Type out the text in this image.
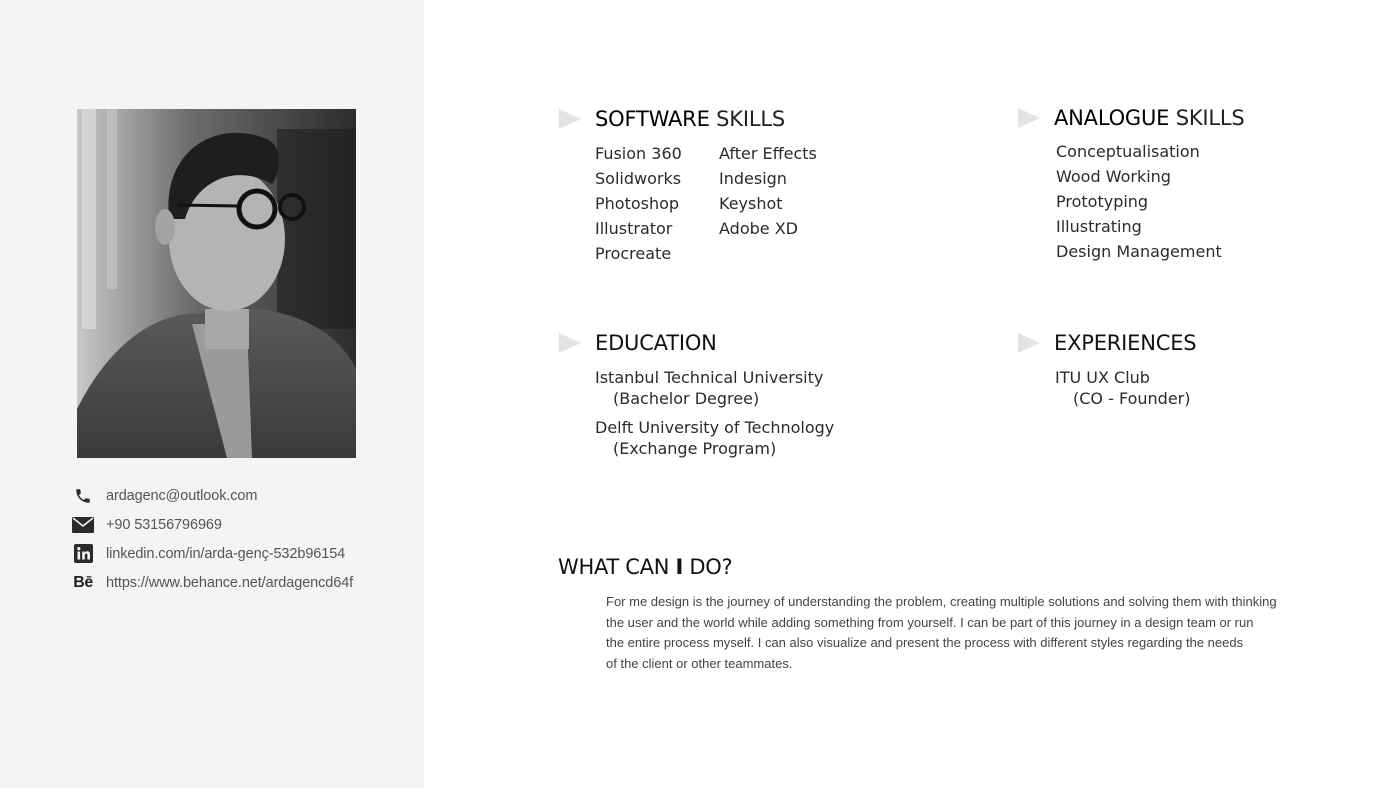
ardagenc@outlook.com
+90 53156796969
linkedin.com/in/arda-genç-532b96154
Bē https://www.behance.net/ardagencd64f
SOFTWARE SKILLS
Fusion 360
Solidworks
Photoshop
Illustrator
Procreate
After Effects
Indesign
Keyshot
Adobe XD
ANALOGUE SKILLS
Conceptualisation
Wood Working
Prototyping
Illustrating
Design Management
EDUCATION
Istanbul Technical University
(Bachelor Degree)
Delft University of Technology
(Exchange Program)
EXPERIENCES
ITU UX Club
(CO - Founder)
WHAT CAN I DO?
For me design is the journey of understanding the problem, creating multiple solutions and solving them with thinking
the user and the world while adding something from yourself. I can be part of this journey in a design team or run
the entire process myself. I can also visualize and present the process with different styles regarding the needs
of the client or other teammates.
